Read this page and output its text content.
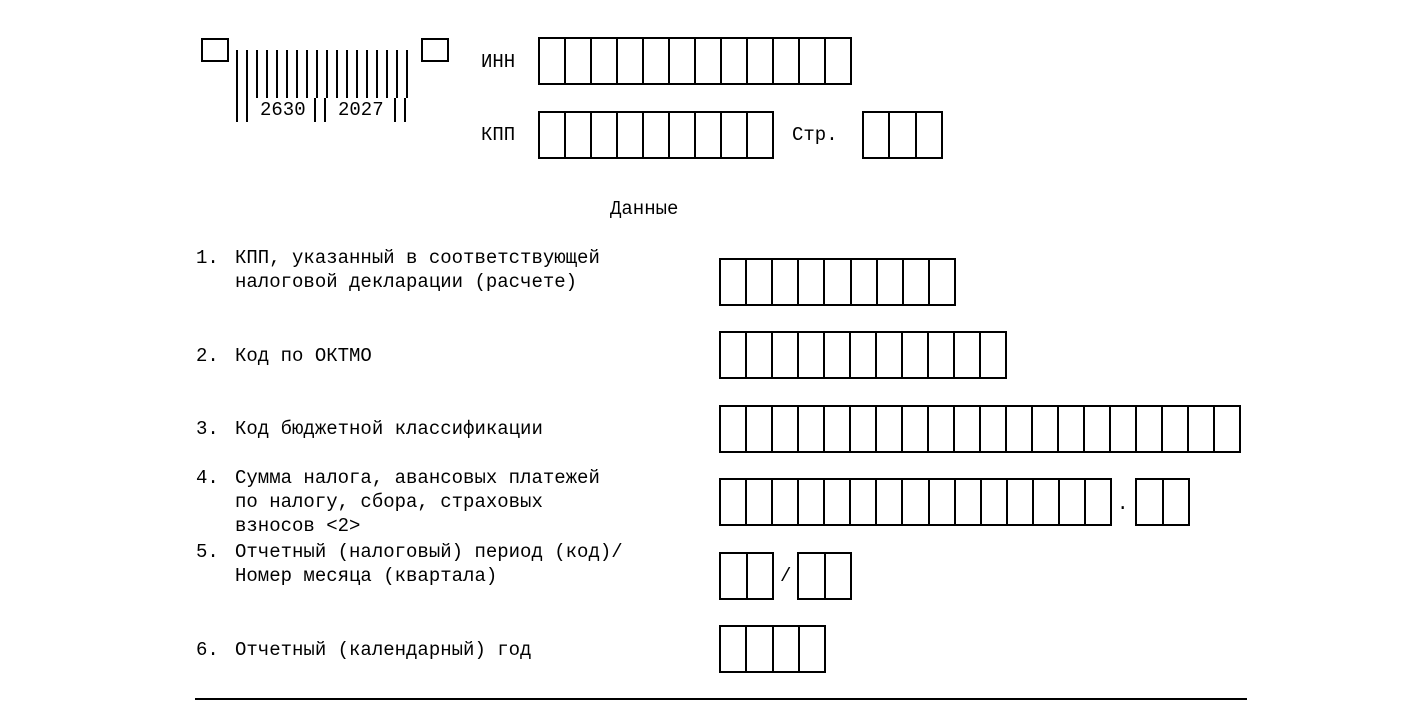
2630 2027
ИНН
КПП	Стр.
Данные
1. КПП, указанный в соответствующей
налоговой декларации (расчете)
2. Код по ОКТМО
3. Код бюджетной классификации
4. Сумма налога, авансовых платежей
по налогу, сбора, страховых
взносов <2>
.
5. Отчетный (налоговый) период (код)/
Номер месяца (квартала)	/
6. Отчетный (календарный) год
